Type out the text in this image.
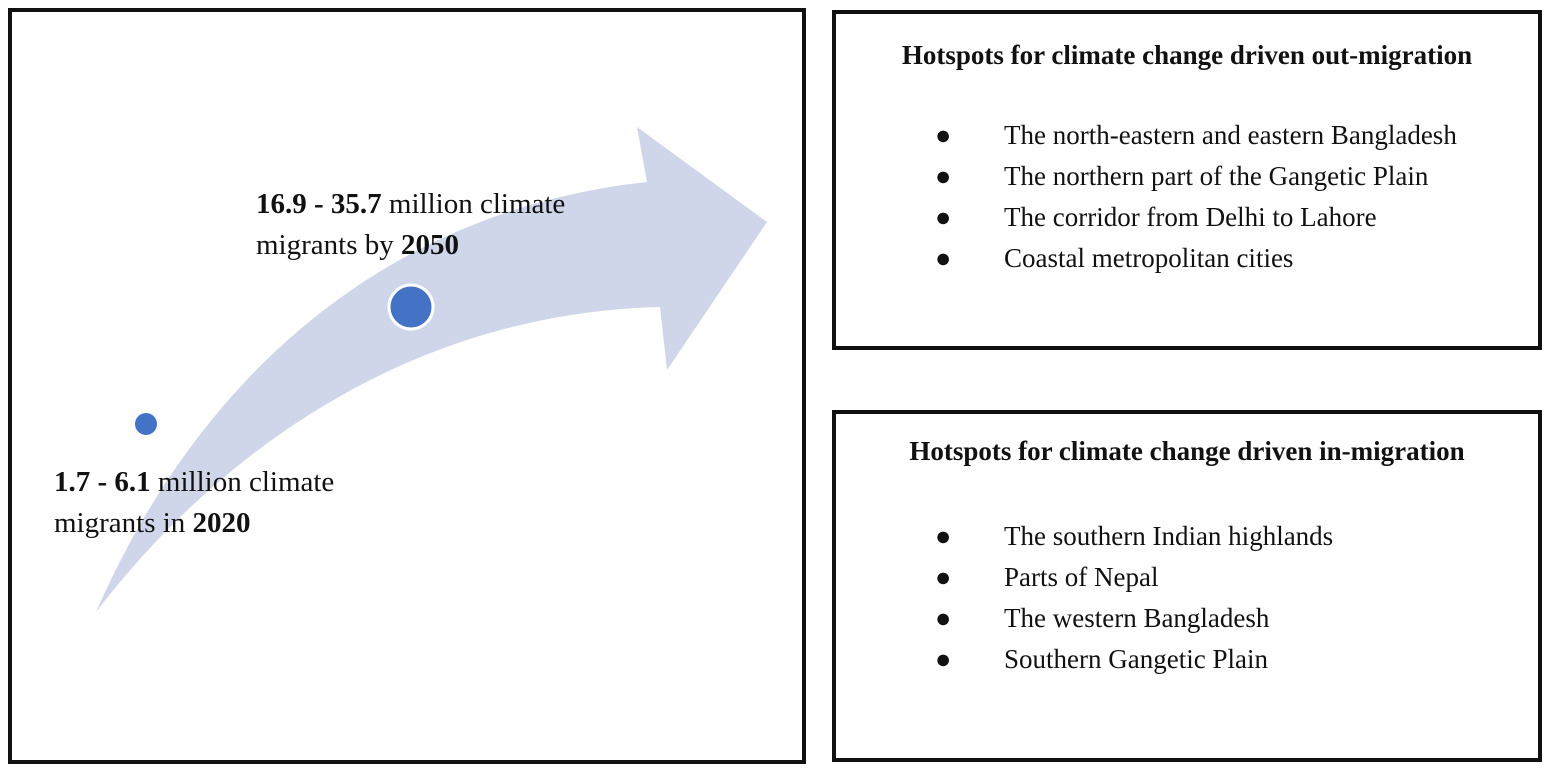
16.9 - 35.7 million climate
migrants by 2050
1.7 - 6.1 million climate
migrants in 2020
Hotspots for climate change driven out-migration
● The north-eastern and eastern Bangladesh
● The northern part of the Gangetic Plain
● The corridor from Delhi to Lahore
● Coastal metropolitan cities
Hotspots for climate change driven in-migration
● The southern Indian highlands
● Parts of Nepal
● The western Bangladesh
● Southern Gangetic Plain
